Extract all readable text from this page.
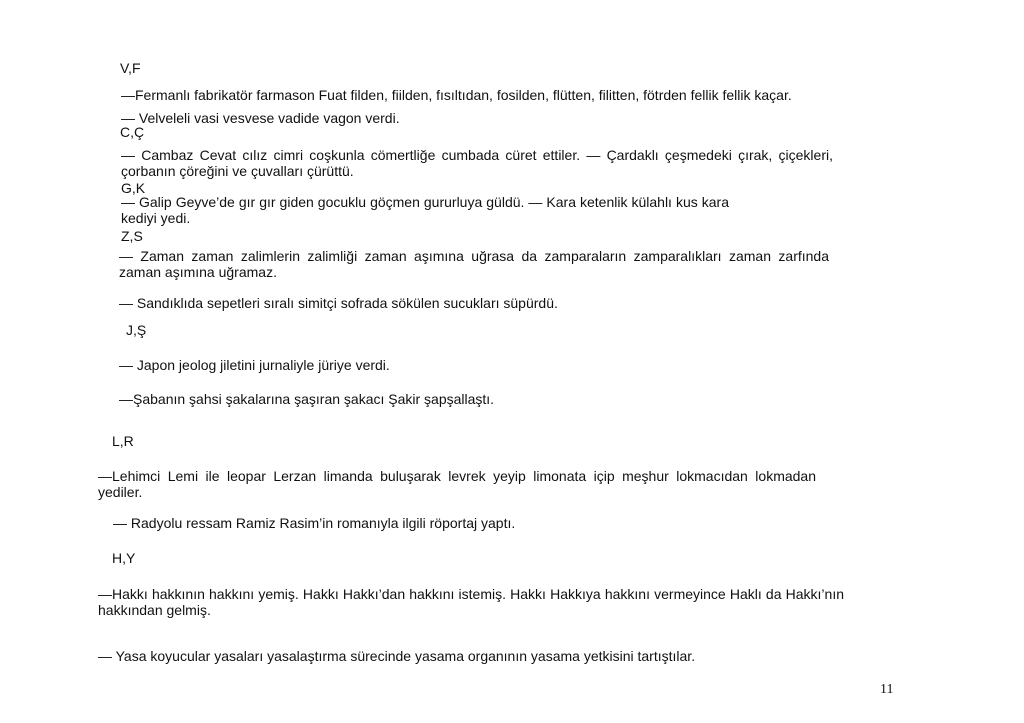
V,F
—Fermanlı fabrikatör farmason Fuat filden, fiilden, fısıltıdan, fosilden, flütten, filitten, fötrden fellik fellik kaçar.
— Velveleli vasi vesvese vadide vagon verdi.
C,Ç
— Cambaz Cevat cılız cimri coşkunla cömertliğe cumbada cüret ettiler. — Çardaklı çeşmedeki çırak, çiçekleri, çorbanın çöreğini ve çuvalları çürüttü.
G,K
— Galip Geyve’de gır gır giden gocuklu göçmen gururluya güldü. — Kara ketenlik külahlı kus kara kediyi yedi.
Z,S
— Zaman zaman zalimlerin zalimliği zaman aşımına uğrasa da zamparaların zamparalıkları zaman zarfında zaman aşımına uğramaz.
— Sandıklıda sepetleri sıralı simitçi sofrada sökülen sucukları süpürdü.
J,Ş
— Japon jeolog jiletini jurnaliyle jüriye verdi.
—Şabanın şahsi şakalarına şaşıran şakacı Şakir şapşallaştı.
L,R
—Lehimci Lemi ile leopar Lerzan limanda buluşarak levrek yeyip limonata içip meşhur lokmacıdan lokmadan yediler.
— Radyolu ressam Ramiz Rasim’in romanıyla ilgili röportaj yaptı.
H,Y
—Hakkı hakkının hakkını yemiş. Hakkı Hakkı’dan hakkını istemiş. Hakkı Hakkıya hakkını vermeyince Haklı da Hakkı’nın hakkından gelmiş.
— Yasa koyucular yasaları yasalaştırma sürecinde yasama organının yasama yetkisini tartıştılar.
11
